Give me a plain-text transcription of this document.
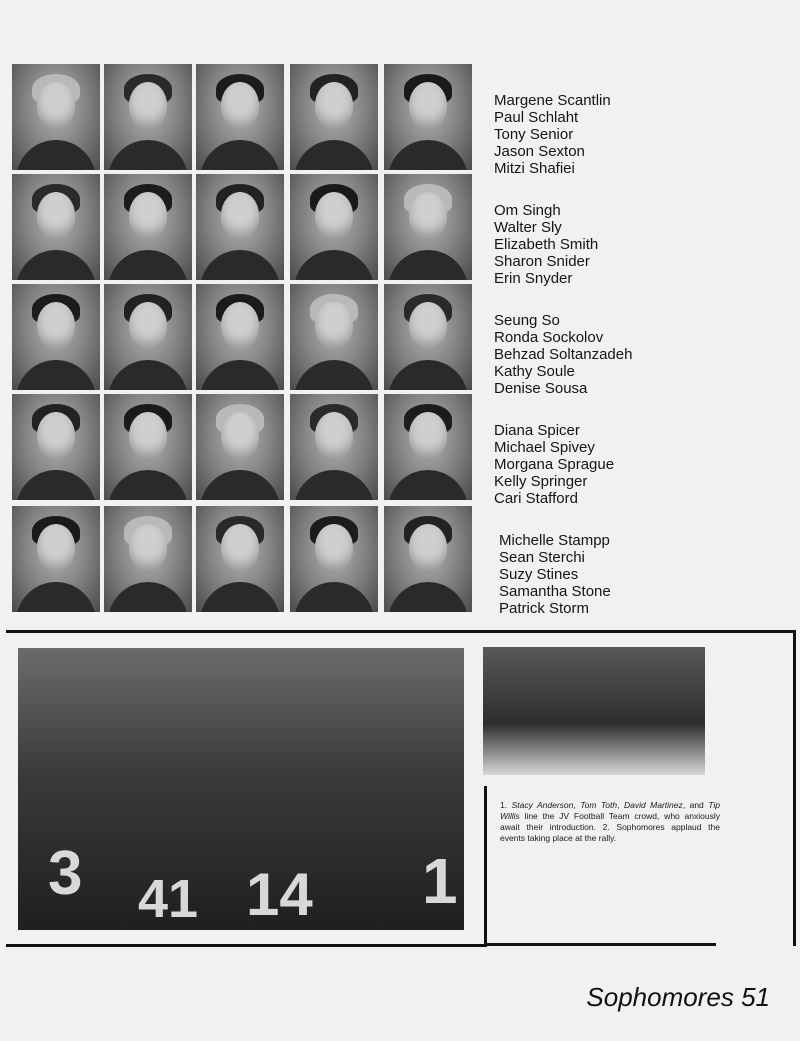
3 41 14 1

1. Stacy Anderson, Tom Toth, David Martinez, and Tip Willis line the JV Football Team crowd, who anxiously await their introduction. 2. Sophomores applaud the events taking place at the rally.

Sophomores 51
Margene Scantlin
Paul Schlaht
Tony Senior
Jason Sexton
Mitzi Shafiei
Om Singh
Walter Sly
Elizabeth Smith
Sharon Snider
Erin Snyder
Seung So
Ronda Sockolov
Behzad Soltanzadeh
Kathy Soule
Denise Sousa
Diana Spicer
Michael Spivey
Morgana Sprague
Kelly Springer
Cari Stafford
Michelle Stampp
Sean Sterchi
Suzy Stines
Samantha Stone
Patrick Storm
